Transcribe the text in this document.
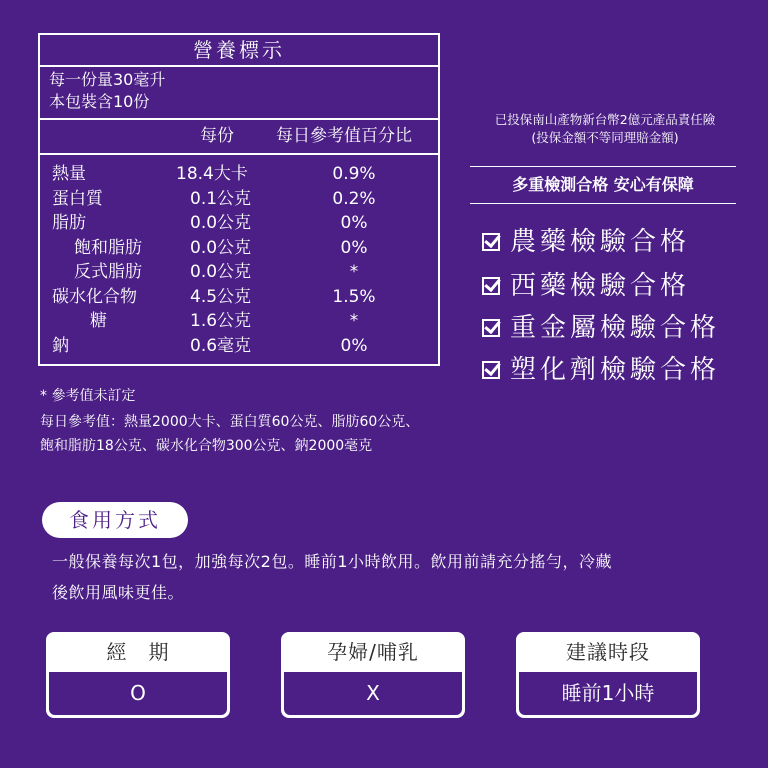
營養標示
每一份量30毫升
本包裝含10份
每份 每日參考值百分比
熱量	18.4大卡	0.9%
蛋白質	0.1公克	0.2%
脂肪	0.0公克	0%
飽和脂肪	0.0公克	0%
反式脂肪	0.0公克	*
碳水化合物	4.5公克	1.5%
糖	1.6公克	*
鈉	0.6毫克	0%
* 參考值未訂定
每日參考值：熱量2000大卡、蛋白質60公克、脂肪60公克、
飽和脂肪18公克、碳水化合物300公克、鈉2000毫克
已投保南山產物新台幣2億元產品責任險
(投保金額不等同理賠金額)
多重檢測合格 安心有保障
農藥檢驗合格
西藥檢驗合格
重金屬檢驗合格
塑化劑檢驗合格
食用方式
一般保養每次1包，加強每次2包。睡前1小時飲用。飲用前請充分搖勻，冷藏
後飲用風味更佳。
經　期
O
孕婦/哺乳
X
建議時段
睡前1小時
